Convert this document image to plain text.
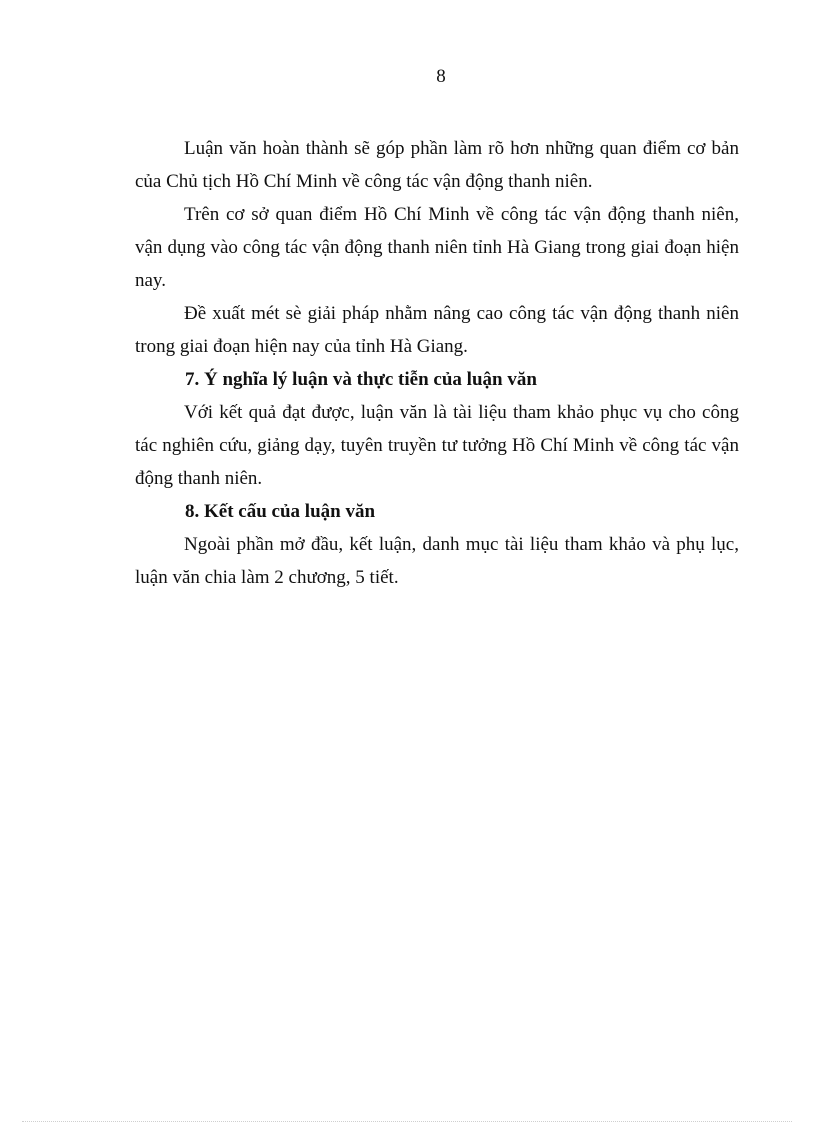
8

Luận văn hoàn thành sẽ góp phần làm rõ hơn những quan điểm cơ bản của Chủ tịch Hồ Chí Minh về công tác vận động thanh niên.

Trên cơ sở quan điểm Hồ Chí Minh về công tác vận động thanh niên, vận dụng vào công tác vận động thanh niên tỉnh Hà Giang trong giai đoạn hiện nay.

Đề xuất mét sè giải pháp nhằm nâng cao công tác vận động thanh niên trong giai đoạn hiện nay của tỉnh Hà Giang.

7. Ý nghĩa lý luận và thực tiễn của luận văn

Với kết quả đạt được, luận văn là tài liệu tham khảo phục vụ cho công tác nghiên cứu, giảng dạy, tuyên truyền tư tưởng Hồ Chí Minh về công tác vận động thanh niên.

8. Kết cấu của luận văn

Ngoài phần mở đầu, kết luận, danh mục tài liệu tham khảo và phụ lục, luận văn chia làm 2 chương, 5 tiết.
